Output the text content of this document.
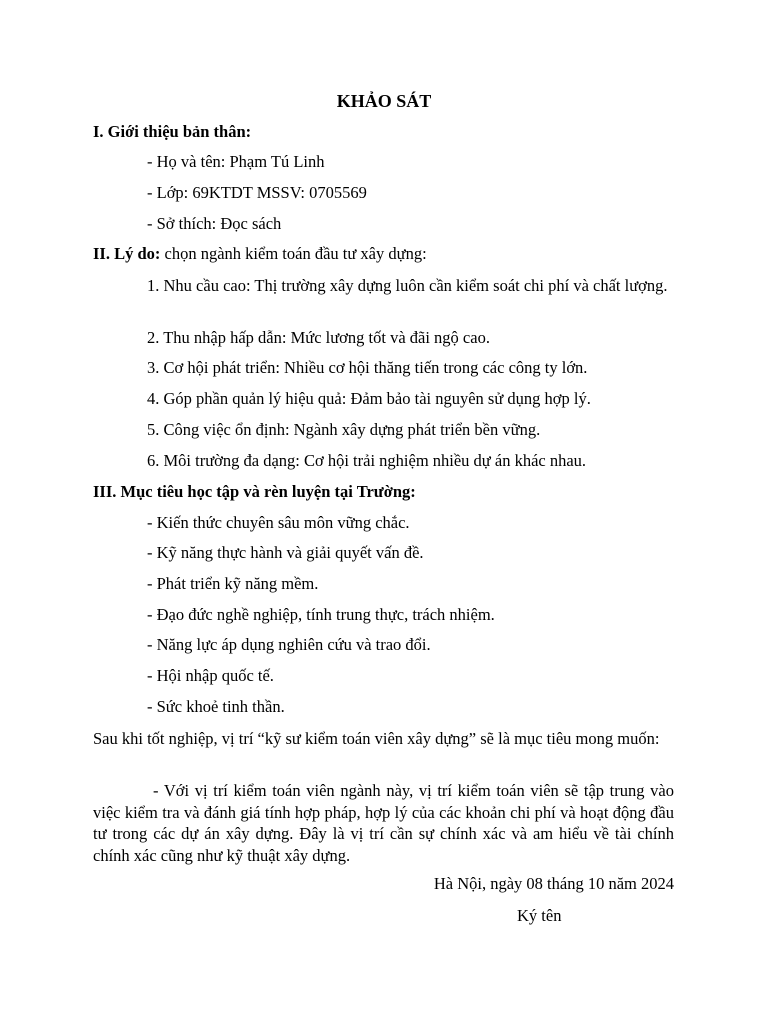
KHẢO SÁT
I. Giới thiệu bản thân:
- Họ và tên: Phạm Tú Linh
- Lớp: 69KTDT MSSV: 0705569
- Sở thích: Đọc sách
II. Lý do: chọn ngành kiểm toán đầu tư xây dựng:
1. Nhu cầu cao: Thị trường xây dựng luôn cần kiểm soát chi phí và chất lượng.
2. Thu nhập hấp dẫn: Mức lương tốt và đãi ngộ cao.
3. Cơ hội phát triển: Nhiều cơ hội thăng tiến trong các công ty lớn.
4. Góp phần quản lý hiệu quả: Đảm bảo tài nguyên sử dụng hợp lý.
5. Công việc ổn định: Ngành xây dựng phát triển bền vững.
6. Môi trường đa dạng: Cơ hội trải nghiệm nhiều dự án khác nhau.
III. Mục tiêu học tập và rèn luyện tại Trường:
- Kiến thức chuyên sâu môn vững chắc.
- Kỹ năng thực hành và giải quyết vấn đề.
- Phát triển kỹ năng mềm.
- Đạo đức nghề nghiệp, tính trung thực, trách nhiệm.
- Năng lực áp dụng nghiên cứu và trao đổi.
- Hội nhập quốc tế.
- Sức khoẻ tinh thần.
Sau khi tốt nghiệp, vị trí “kỹ sư kiểm toán viên xây dựng” sẽ là mục tiêu mong muốn:
- Với vị trí kiểm toán viên ngành này, vị trí kiểm toán viên sẽ tập trung vào việc kiểm tra và đánh giá tính hợp pháp, hợp lý của các khoản chi phí và hoạt động đầu tư trong các dự án xây dựng. Đây là vị trí cần sự chính xác và am hiểu về tài chính chính xác cũng như kỹ thuật xây dựng.
Hà Nội, ngày 08 tháng 10 năm 2024
Ký tên
